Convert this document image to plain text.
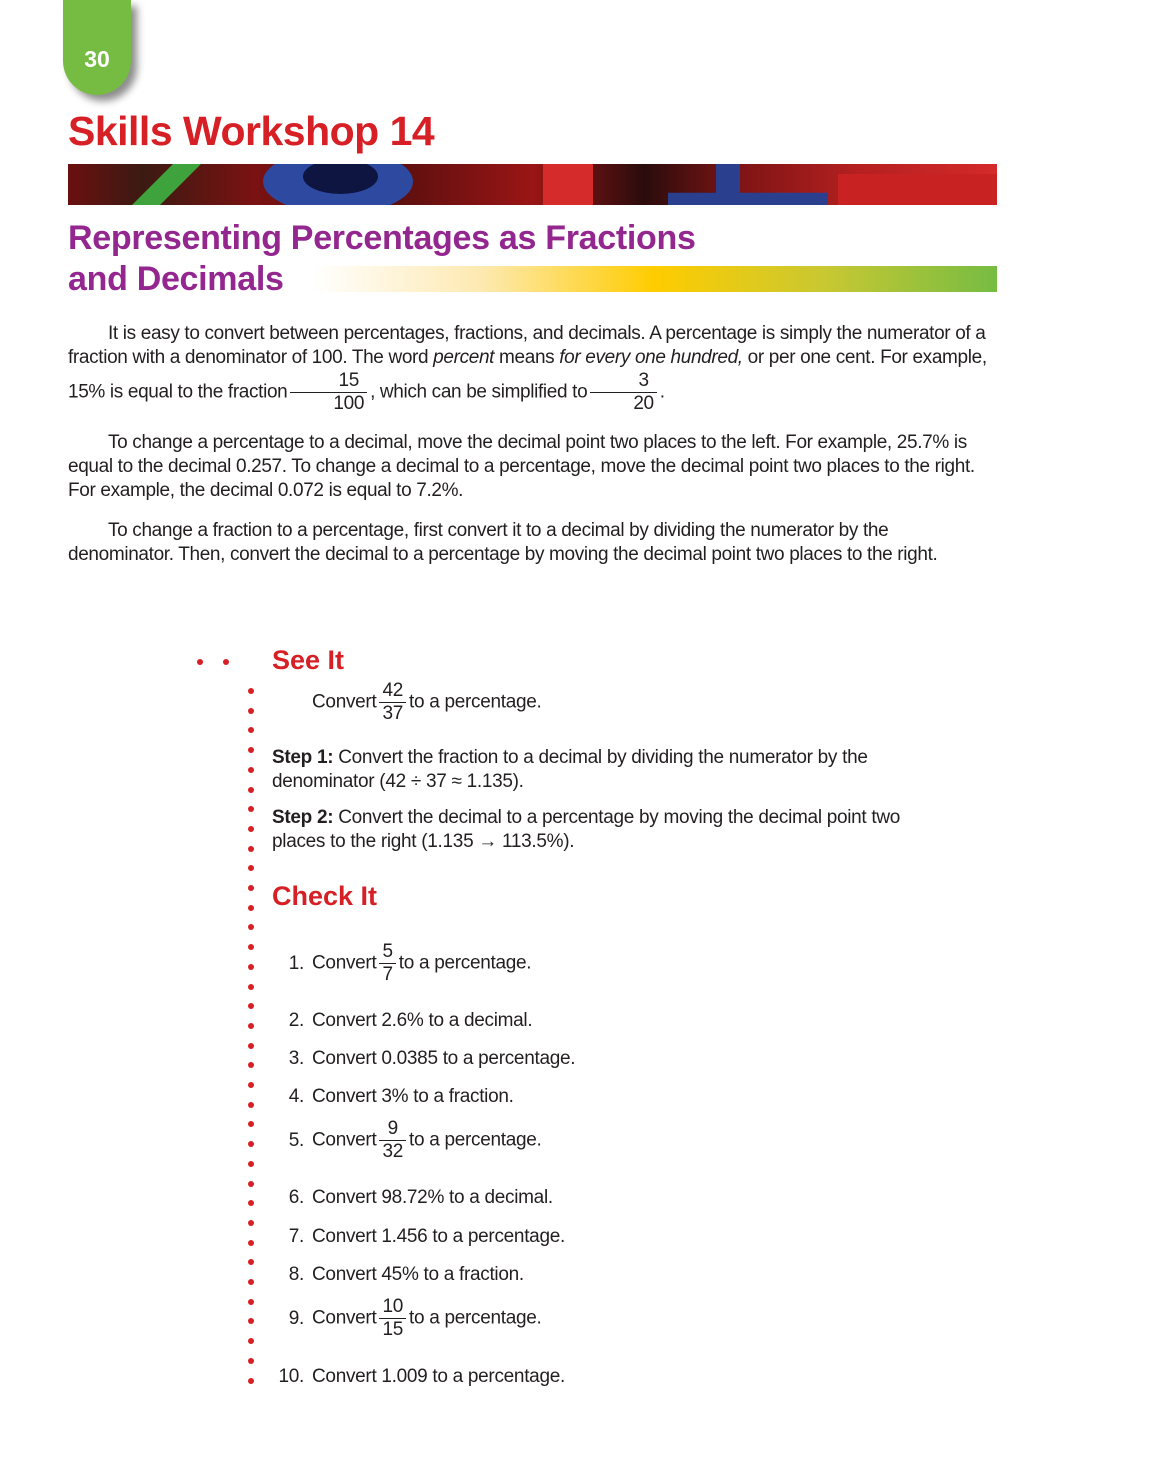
30
Skills Workshop 14
Representing Percentages as Fractions
and Decimals

It is easy to convert between percentages, fractions, and decimals. A percentage is simply the numerator of a fraction with a denominator of 100. The word percent means for every one hundred, or per one cent. For example, 15% is equal to the fraction $\frac{15}{100}$ , which can be simplified to $\frac{3}{20}$ .

To change a percentage to a decimal, move the decimal point two places to the left. For example, 25.7% is equal to the decimal 0.257. To change a decimal to a percentage, move the decimal point two places to the right. For example, the decimal 0.072 is equal to 7.2%.

To change a fraction to a percentage, first convert it to a decimal by dividing the numerator by the denominator. Then, convert the decimal to a percentage by moving the decimal point two places to the right.

See It
Convert $\frac{42}{37}$ to a percentage.
Step 1: Convert the fraction to a decimal by dividing the numerator by the
denominator (42 ÷ 37 ≈ 1.135).
Step 2: Convert the decimal to a percentage by moving the decimal point two
places to the right (1.135 → 113.5%).
Check It
1. Convert $\frac{5}{7}$ to a percentage.
2. Convert 2.6% to a decimal.
3. Convert 0.0385 to a percentage.
4. Convert 3% to a fraction.
5. Convert $\frac{9}{32}$ to a percentage.
6. Convert 98.72% to a decimal.
7. Convert 1.456 to a percentage.
8. Convert 45% to a fraction.
9. Convert $\frac{10}{15}$ to a percentage.
10. Convert 1.009 to a percentage.
